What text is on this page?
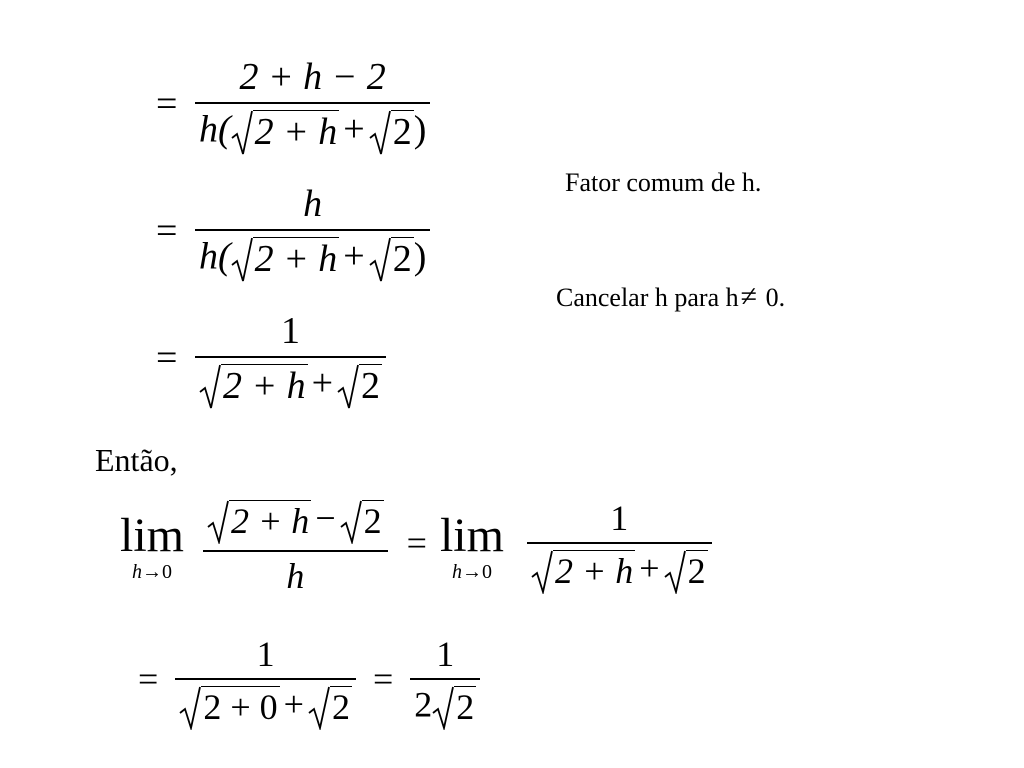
= $\frac{2 + h - 2}{h( 2 + h + 2 )}$
Fator comum de h.
= $\frac{h}{h( 2 + h + 2 )}$
Cancelar h para h≠ 0.
= $\frac{1}{2 + h + 2}$
Então,
lim
h→0
$\frac{2 + h - 2}{h} = \lim$
h→0
$\frac{1}{2 + h + 2}$
= $\frac{1}{2 + 0 + 2} = \frac{1}{2 2}$
